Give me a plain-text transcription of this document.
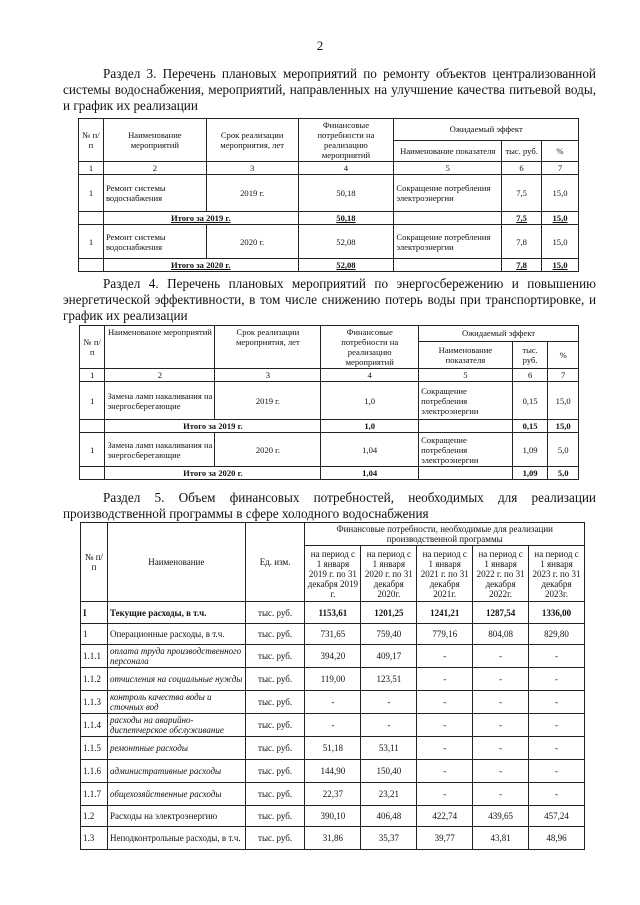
2
Раздел 3. Перечень плановых мероприятий по ремонту объектов централизованной системы водоснабжения, мероприятий, направленных на улучшение качества питьевой воды, и график их реализации
№ п/п	Наименование мероприятий	Срок реализации мероприятия, лет	Финансовые потребности на реализацию мероприятий	Ожидаемый эффект		
				Наименование показателя	тыс. руб.	%
1	2	3	4	5	6	7
1	Ремонт системы водоснабжения	2019 г.	50,18	Сокращение потребления электроэнергии	7,5	15,0
	Итого за 2019 г.		50,18		7,5	15,0
1	Ремонт системы водоснабжения	2020 г.	52,08	Сокращение потребления электроэнергии	7,8	15,0
	Итого за 2020 г.		52,08		7,8	15,0
Раздел 4. Перечень плановых мероприятий по энергосбережению и повышению энергетической эффективности, в том числе снижению потерь воды при транспортировке, и график их реализации
№ п/п	Наименование мероприятий	Срок реализации мероприятия, лет	Финансовые потребности на реализацию мероприятий	Ожидаемый эффект		
				Наименование показателя	тыс. руб.	%
1	2	3	4	5	6	7
1	Замена ламп накаливания на энергосберегающие	2019 г.	1,0	Сокращение потребления электроэнергии	0,15	15,0
	Итого за 2019 г.		1,0		0,15	15,0
1	Замена ламп накаливания на энергосберегающие	2020 г.	1,04	Сокращение потребления электроэнергии	1,09	5,0
	Итого за 2020 г.		1,04		1,09	5,0
Раздел 5. Объем финансовых потребностей, необходимых для реализации производственной программы в сфере холодного водоснабжения
№ п/п	Наименование	Ед. изм.	Финансовые потребности, необходимые для реализации производственной программы				
			на период с 1 января 2019 г. по 31 декабря 2019 г.	на период с 1 января 2020 г. по 31 декабря 2020г.	на период с 1 января 2021 г. по 31 декабря 2021г.	на период с 1 января 2022 г. по 31 декабря 2022г.	на период с 1 января 2023 г. по 31 декабря 2023г.
I	Текущие расходы, в т.ч.	тыс. руб.	1153,61	1201,25	1241,21	1287,54	1336,00
1	Операционные расходы, в т.ч.	тыс. руб.	731,65	759,40	779,16	804,08	829,80
1.1.1	оплата труда производственного персонала	тыс. руб.	394,20	409,17	-	-	-
1.1.2	отчисления на социальные нужды	тыс. руб.	119,00	123,51	-	-	-
1.1.3	контроль качества воды и сточных вод	тыс. руб.	-	-	-	-	-
1.1.4	расходы на аварийно-диспетчерское обслуживание	тыс. руб.	-	-	-	-	-
1.1.5	ремонтные расходы	тыс. руб.	51,18	53,11	-	-	-
1.1.6	административные расходы	тыс. руб.	144,90	150,40	-	-	-
1.1.7	общехозяйственные расходы	тыс. руб.	22,37	23,21	-	-	-
1.2	Расходы на электроэнергию	тыс. руб.	390,10	406,48	422,74	439,65	457,24
1.3	Неподконтрольные расходы, в т.ч.	тыс. руб.	31,86	35,37	39,77	43,81	48,96
